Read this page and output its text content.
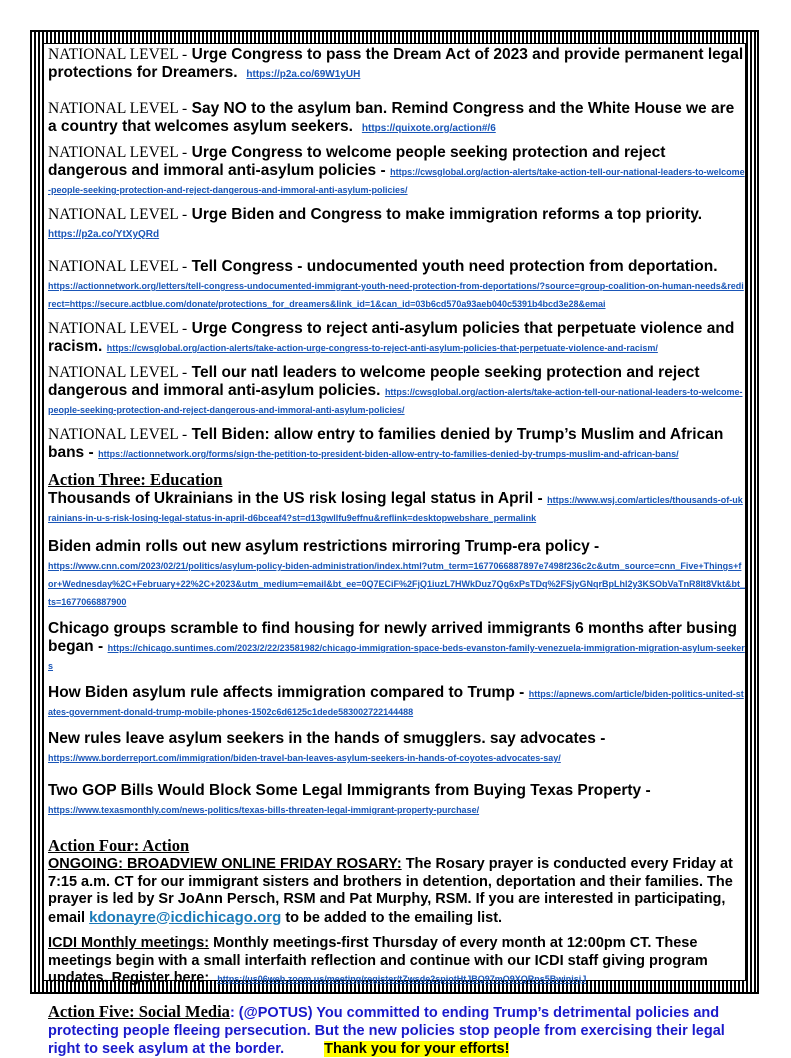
NATIONAL LEVEL - Urge Congress to pass the Dream Act of 2023 and provide permanent legal protections for Dreamers. https://p2a.co/69W1yUH
NATIONAL LEVEL - Say NO to the asylum ban. Remind Congress and the White House we are a country that welcomes asylum seekers. https://quixote.org/action#/6
NATIONAL LEVEL - Urge Congress to welcome people seeking protection and reject dangerous and immoral anti-asylum policies - https://cwsglobal.org/action-alerts/take-action-tell-our-national-leaders-to-welcome-people-seeking-protection-and-reject-dangerous-and-immoral-anti-asylum-policies/
NATIONAL LEVEL - Urge Biden and Congress to make immigration reforms a top priority.
https://p2a.co/YtXyQRd
NATIONAL LEVEL - Tell Congress - undocumented youth need protection from deportation.
https://actionnetwork.org/letters/tell-congress-undocumented-immigrant-youth-need-protection-from-deportations/?source=group-coalition-on-human-needs&redirect=https://secure.actblue.com/donate/protections_for_dreamers&link_id=1&can_id=03b6cd570a93aeb040c5391b4bcd3e28&emai
NATIONAL LEVEL - Urge Congress to reject anti-asylum policies that perpetuate violence and racism. https://cwsglobal.org/action-alerts/take-action-urge-congress-to-reject-anti-asylum-policies-that-perpetuate-violence-and-racism/
NATIONAL LEVEL - Tell our natl leaders to welcome people seeking protection and reject dangerous and immoral anti-asylum policies. https://cwsglobal.org/action-alerts/take-action-tell-our-national-leaders-to-welcome-people-seeking-protection-and-reject-dangerous-and-immoral-anti-asylum-policies/
NATIONAL LEVEL - Tell Biden: allow entry to families denied by Trump’s Muslim and African bans - https://actionnetwork.org/forms/sign-the-petition-to-president-biden-allow-entry-to-families-denied-by-trumps-muslim-and-african-bans/
Action Three: Education
Thousands of Ukrainians in the US risk losing legal status in April - https://www.wsj.com/articles/thousands-of-ukrainians-in-u-s-risk-losing-legal-status-in-april-d6bceaf4?st=d13gwllfu9effnu&reflink=desktopwebshare_permalink
Biden admin rolls out new asylum restrictions mirroring Trump-era policy -
https://www.cnn.com/2023/02/21/politics/asylum-policy-biden-administration/index.html?utm_term=1677066887897e7498f236c2c&utm_source=cnn_Five+Things+for+Wednesday%2C+February+22%2C+2023&utm_medium=email&bt_ee=0Q7ECiF%2FjQ1iuzL7HWkDuz7Qg6xPsTDq%2FSjyGNqrBpLhl2y3KSObVaTnR8It8Vkt&bt_ts=1677066887900
Chicago groups scramble to find housing for newly arrived immigrants 6 months after busing began - https://chicago.suntimes.com/2023/2/22/23581982/chicago-immigration-space-beds-evanston-family-venezuela-immigration-migration-asylum-seekers
How Biden asylum rule affects immigration compared to Trump - https://apnews.com/article/biden-politics-united-states-government-donald-trump-mobile-phones-1502c6d6125c1dede583002722144488
New rules leave asylum seekers in the hands of smugglers. say advocates -
https://www.borderreport.com/immigration/biden-travel-ban-leaves-asylum-seekers-in-hands-of-coyotes-advocates-say/
Two GOP Bills Would Block Some Legal Immigrants from Buying Texas Property -
https://www.texasmonthly.com/news-politics/texas-bills-threaten-legal-immigrant-property-purchase/
Action Four: Action
ONGOING: BROADVIEW ONLINE FRIDAY ROSARY: The Rosary prayer is conducted every Friday at 7:15 a.m. CT for our immigrant sisters and brothers in detention, deportation and their families. The prayer is led by Sr JoAnn Persch, RSM and Pat Murphy, RSM. If you are interested in participating, email kdonayre@icdichicago.org to be added to the emailing list.
ICDI Monthly meetings: Monthly meetings-first Thursday of every month at 12:00pm CT. These meetings begin with a small interfaith reflection and continue with our ICDI staff giving program updates. Register here: https://us06web.zoom.us/meeting/register/tZwsde2spiotHtJBQ97mO9XQRns5BwinisjJ
Action Five: Social Media: (@POTUS) You committed to ending Trump’s detrimental policies and protecting people fleeing persecution. But the new policies stop people from exercising their legal right to seek asylum at the border.	Thank you for your efforts!
